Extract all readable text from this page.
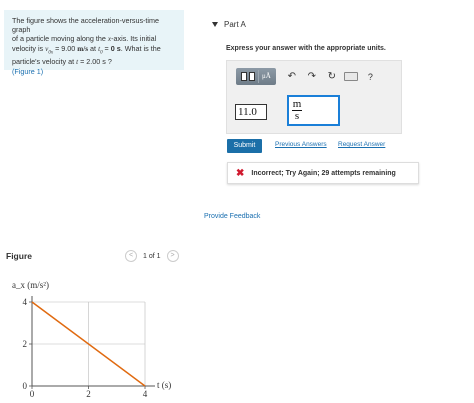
The figure shows the acceleration-versus-time graph
of a particle moving along the x-axis. Its initial
velocity is $v_{0x} = 9.00$ m/s at $t_0 = 0$ s. What is the
particle's velocity at t = 2.00 s ?
(Figure 1)
Figure	<	1 of 1	>
a_x (m/s²)
t (s)
0	2	4
0
2
4
Part A
Express your answer with the appropriate units.
μÅ	↶	↷	↻	?
11.0	$\frac{m}{s}$
Submit	Previous Answers Request Answer
✖ Incorrect; Try Again; 29 attempts remaining
Provide Feedback
